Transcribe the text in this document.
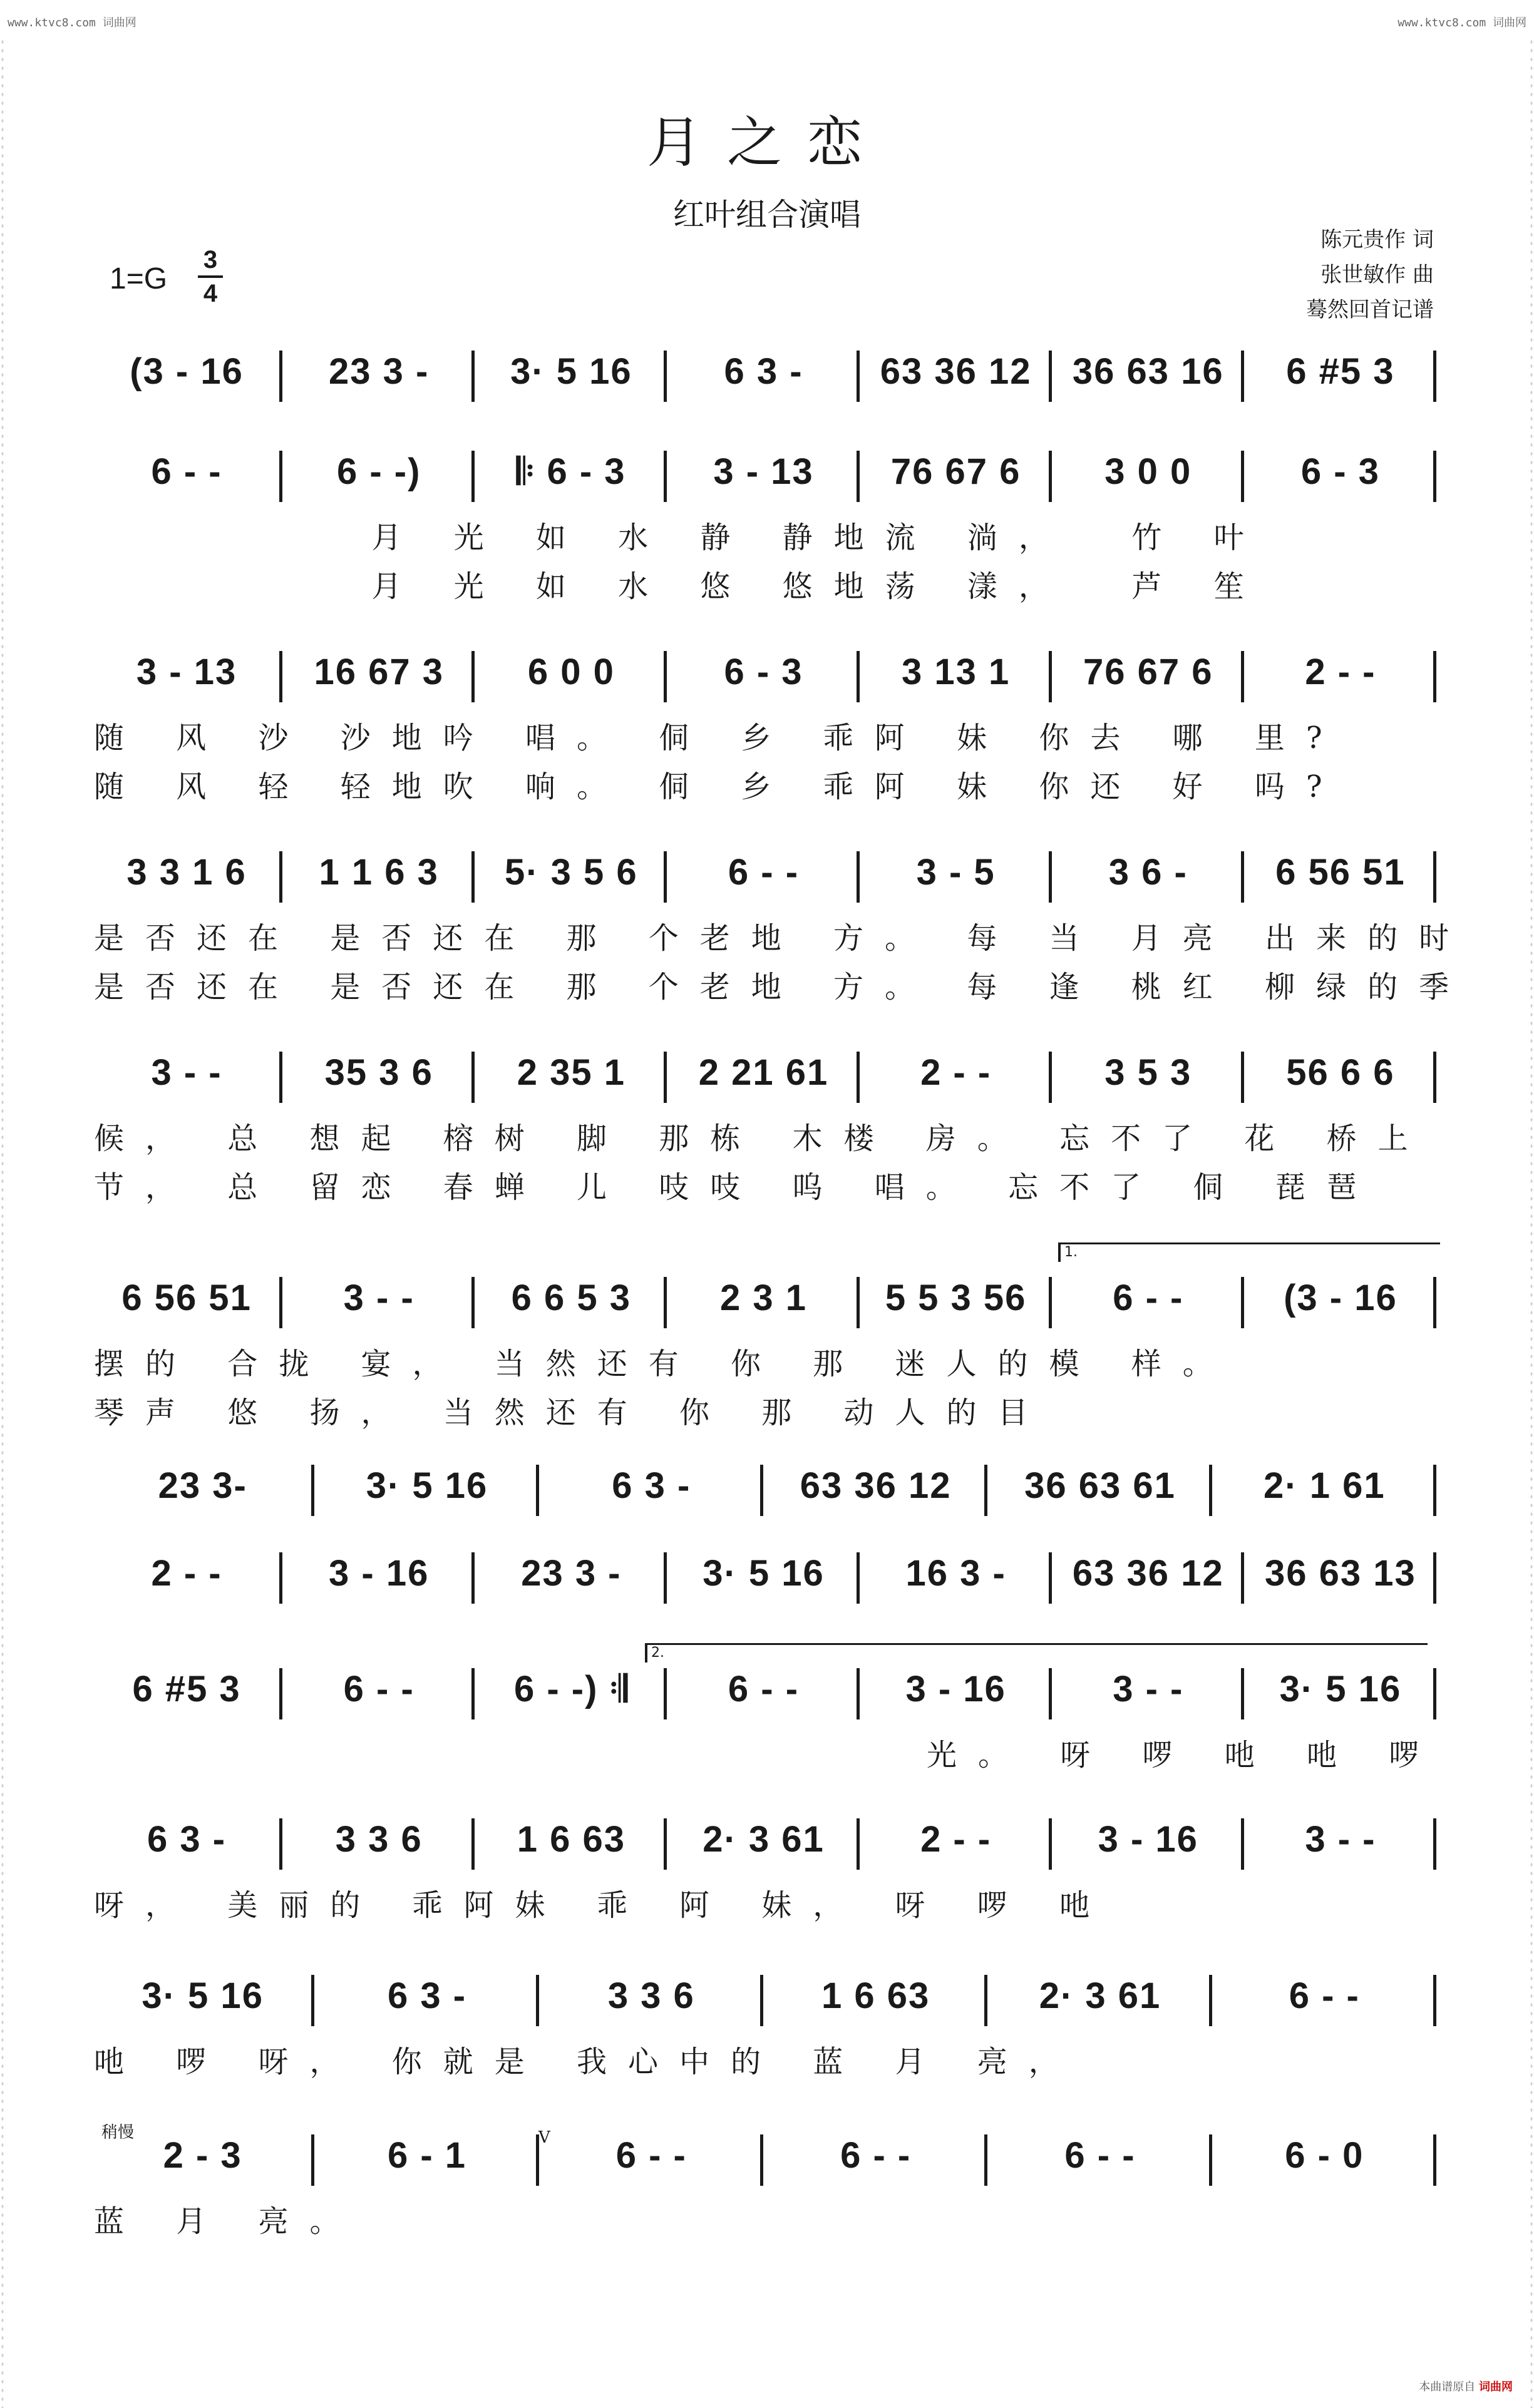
www.ktvc8.com 词曲网	www.ktvc8.com 词曲网
月之恋
红叶组合演唱
陈元贵作 词
张世敏作 曲
蓦然回首记谱
1=G
3
4
(3 - 16	23 3 -	3· 5 16	6 3 -	63 36 12	36 63 16	6 #5 3
6 - -	6 - -)	𝄆 6 - 3	3 - 13	76 67 6	3 0 0	6 - 3
月 光 如 水 静 静地流 淌，  竹 叶
月 光 如 水 悠 悠地荡 漾，  芦 笙
3 - 13	16 67 3	6 0 0	6 - 3	3 13 1	76 67 6	2 - -
随 风 沙 沙地吟 唱。 侗 乡 乖阿 妹 你去 哪 里?
随 风 轻 轻地吹 响。 侗 乡 乖阿 妹 你还 好 吗?
3 3 1 6	1 1 6 3	5· 3 5 6	6 - -	3 - 5	3 6 -	6 56 51
是否还在 是否还在 那 个老地 方。 每 当 月亮 出来的时
是否还在 是否还在 那 个老地 方。 每 逢 桃红 柳绿的季
3 - -	35 3 6	2 35 1	2 21 61	2 - -	3 5 3	56 6 6
候， 总 想起 榕树 脚 那栋 木楼 房。 忘不了 花 桥上
节， 总 留恋 春蝉 儿 吱吱 呜 唱。 忘不了 侗 琵琶
6 56 51	3 - -	6 6 5 3	2 3 1	5 5 3 56	6 - -	(3 - 16
摆的 合拢 宴， 当然还有 你 那 迷人的模 样。
琴声 悠 扬， 当然还有 你 那 动人的目
23 3-	3· 5 16	6 3 -	63 36 12	36 63 61	2· 1 61
2 - -	3 - 16	23 3 -	3· 5 16	16 3 -	63 36 12	36 63 13
6 #5 3	6 - -	6 - -) 𝄇	6 - -	3 - 16	3 - -	3· 5 16
光。 呀 啰 吔 吔 啰
6 3 -	3 3 6	1 6 63	2· 3 61	2 - -	3 - 16	3 - -
呀， 美丽的 乖阿妹 乖 阿 妹， 呀 啰 吔
3· 5 16	6 3 -	3 3 6	1 6 63	2· 3 61	6 - -
吔 啰 呀， 你就是 我心中的 蓝 月 亮，
2 - 3	6 - 1	6 - -	6 - -	6 - -	6 - 0
蓝 月 亮。
1.
2.
稍慢	V
本曲谱原自 词曲网
